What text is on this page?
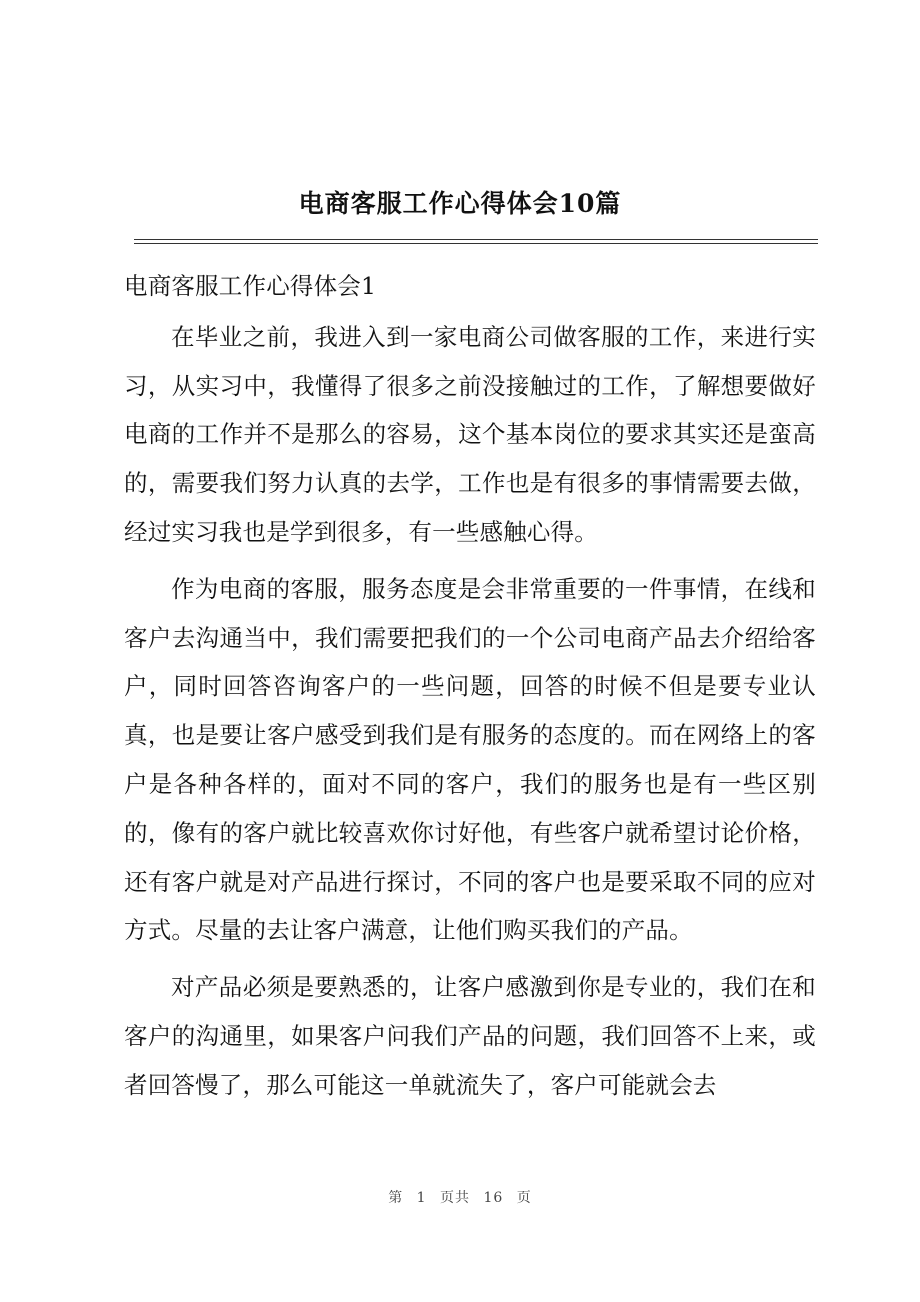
电商客服工作心得体会10篇
电商客服工作心得体会1

在毕业之前，我进入到一家电商公司做客服的工作，来进行实习，从实习中，我懂得了很多之前没接触过的工作，了解想要做好电商的工作并不是那么的容易，这个基本岗位的要求其实还是蛮高的，需要我们努力认真的去学，工作也是有很多的事情需要去做，经过实习我也是学到很多，有一些感触心得。

作为电商的客服，服务态度是会非常重要的一件事情，在线和客户去沟通当中，我们需要把我们的一个公司电商产品去介绍给客户，同时回答咨询客户的一些问题，回答的时候不但是要专业认真，也是要让客户感受到我们是有服务的态度的。而在网络上的客户是各种各样的，面对不同的客户，我们的服务也是有一些区别的，像有的客户就比较喜欢你讨好他，有些客户就希望讨论价格，还有客户就是对产品进行探讨，不同的客户也是要采取不同的应对方式。尽量的去让客户满意，让他们购买我们的产品。

对产品必须是要熟悉的，让客户感激到你是专业的，我们在和客户的沟通里，如果客户问我们产品的问题，我们回答不上来，或者回答慢了，那么可能这一单就流失了，客户可能就会去

第 1 页共 16 页
